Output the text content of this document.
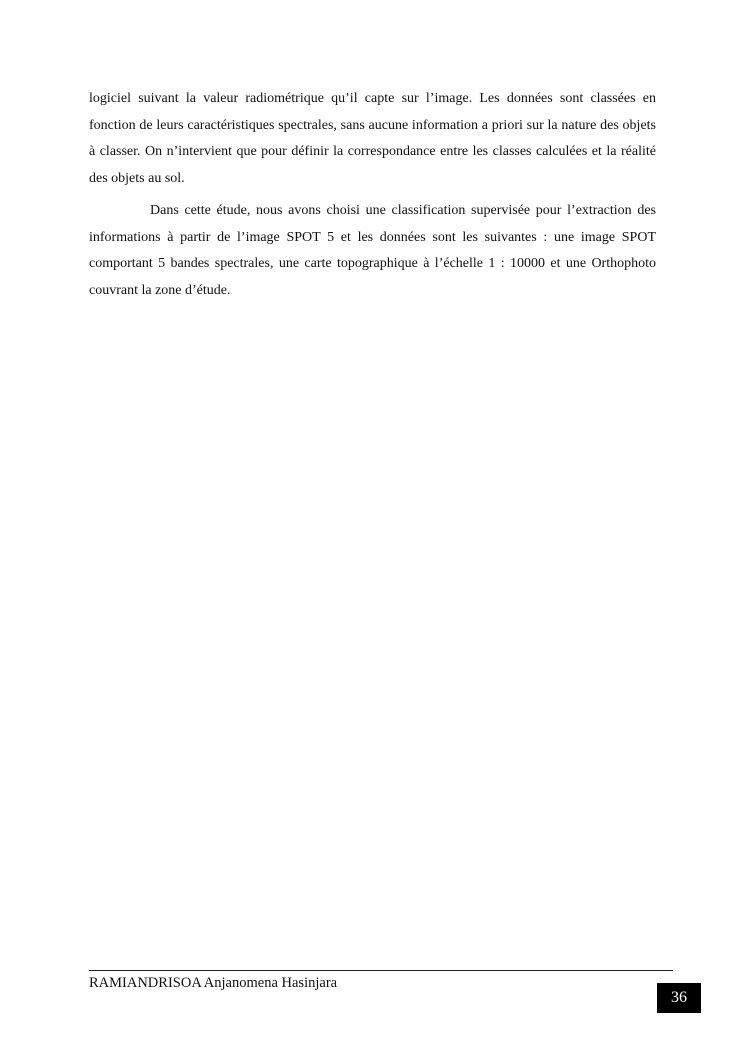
logiciel suivant la valeur radiométrique qu’il capte sur l’image. Les données sont classées en fonction de leurs caractéristiques spectrales, sans aucune information a priori sur la nature des objets à classer. On n’intervient que pour définir la correspondance entre les classes calculées et la réalité des objets au sol.

Dans cette étude, nous avons choisi une classification supervisée pour l’extraction des informations à partir de l’image SPOT 5 et les données sont les suivantes : une image SPOT comportant 5 bandes spectrales, une carte topographique à l’échelle 1 : 10000 et une Orthophoto couvrant la zone d’étude.

RAMIANDRISOA Anjanomena Hasinjara
36
